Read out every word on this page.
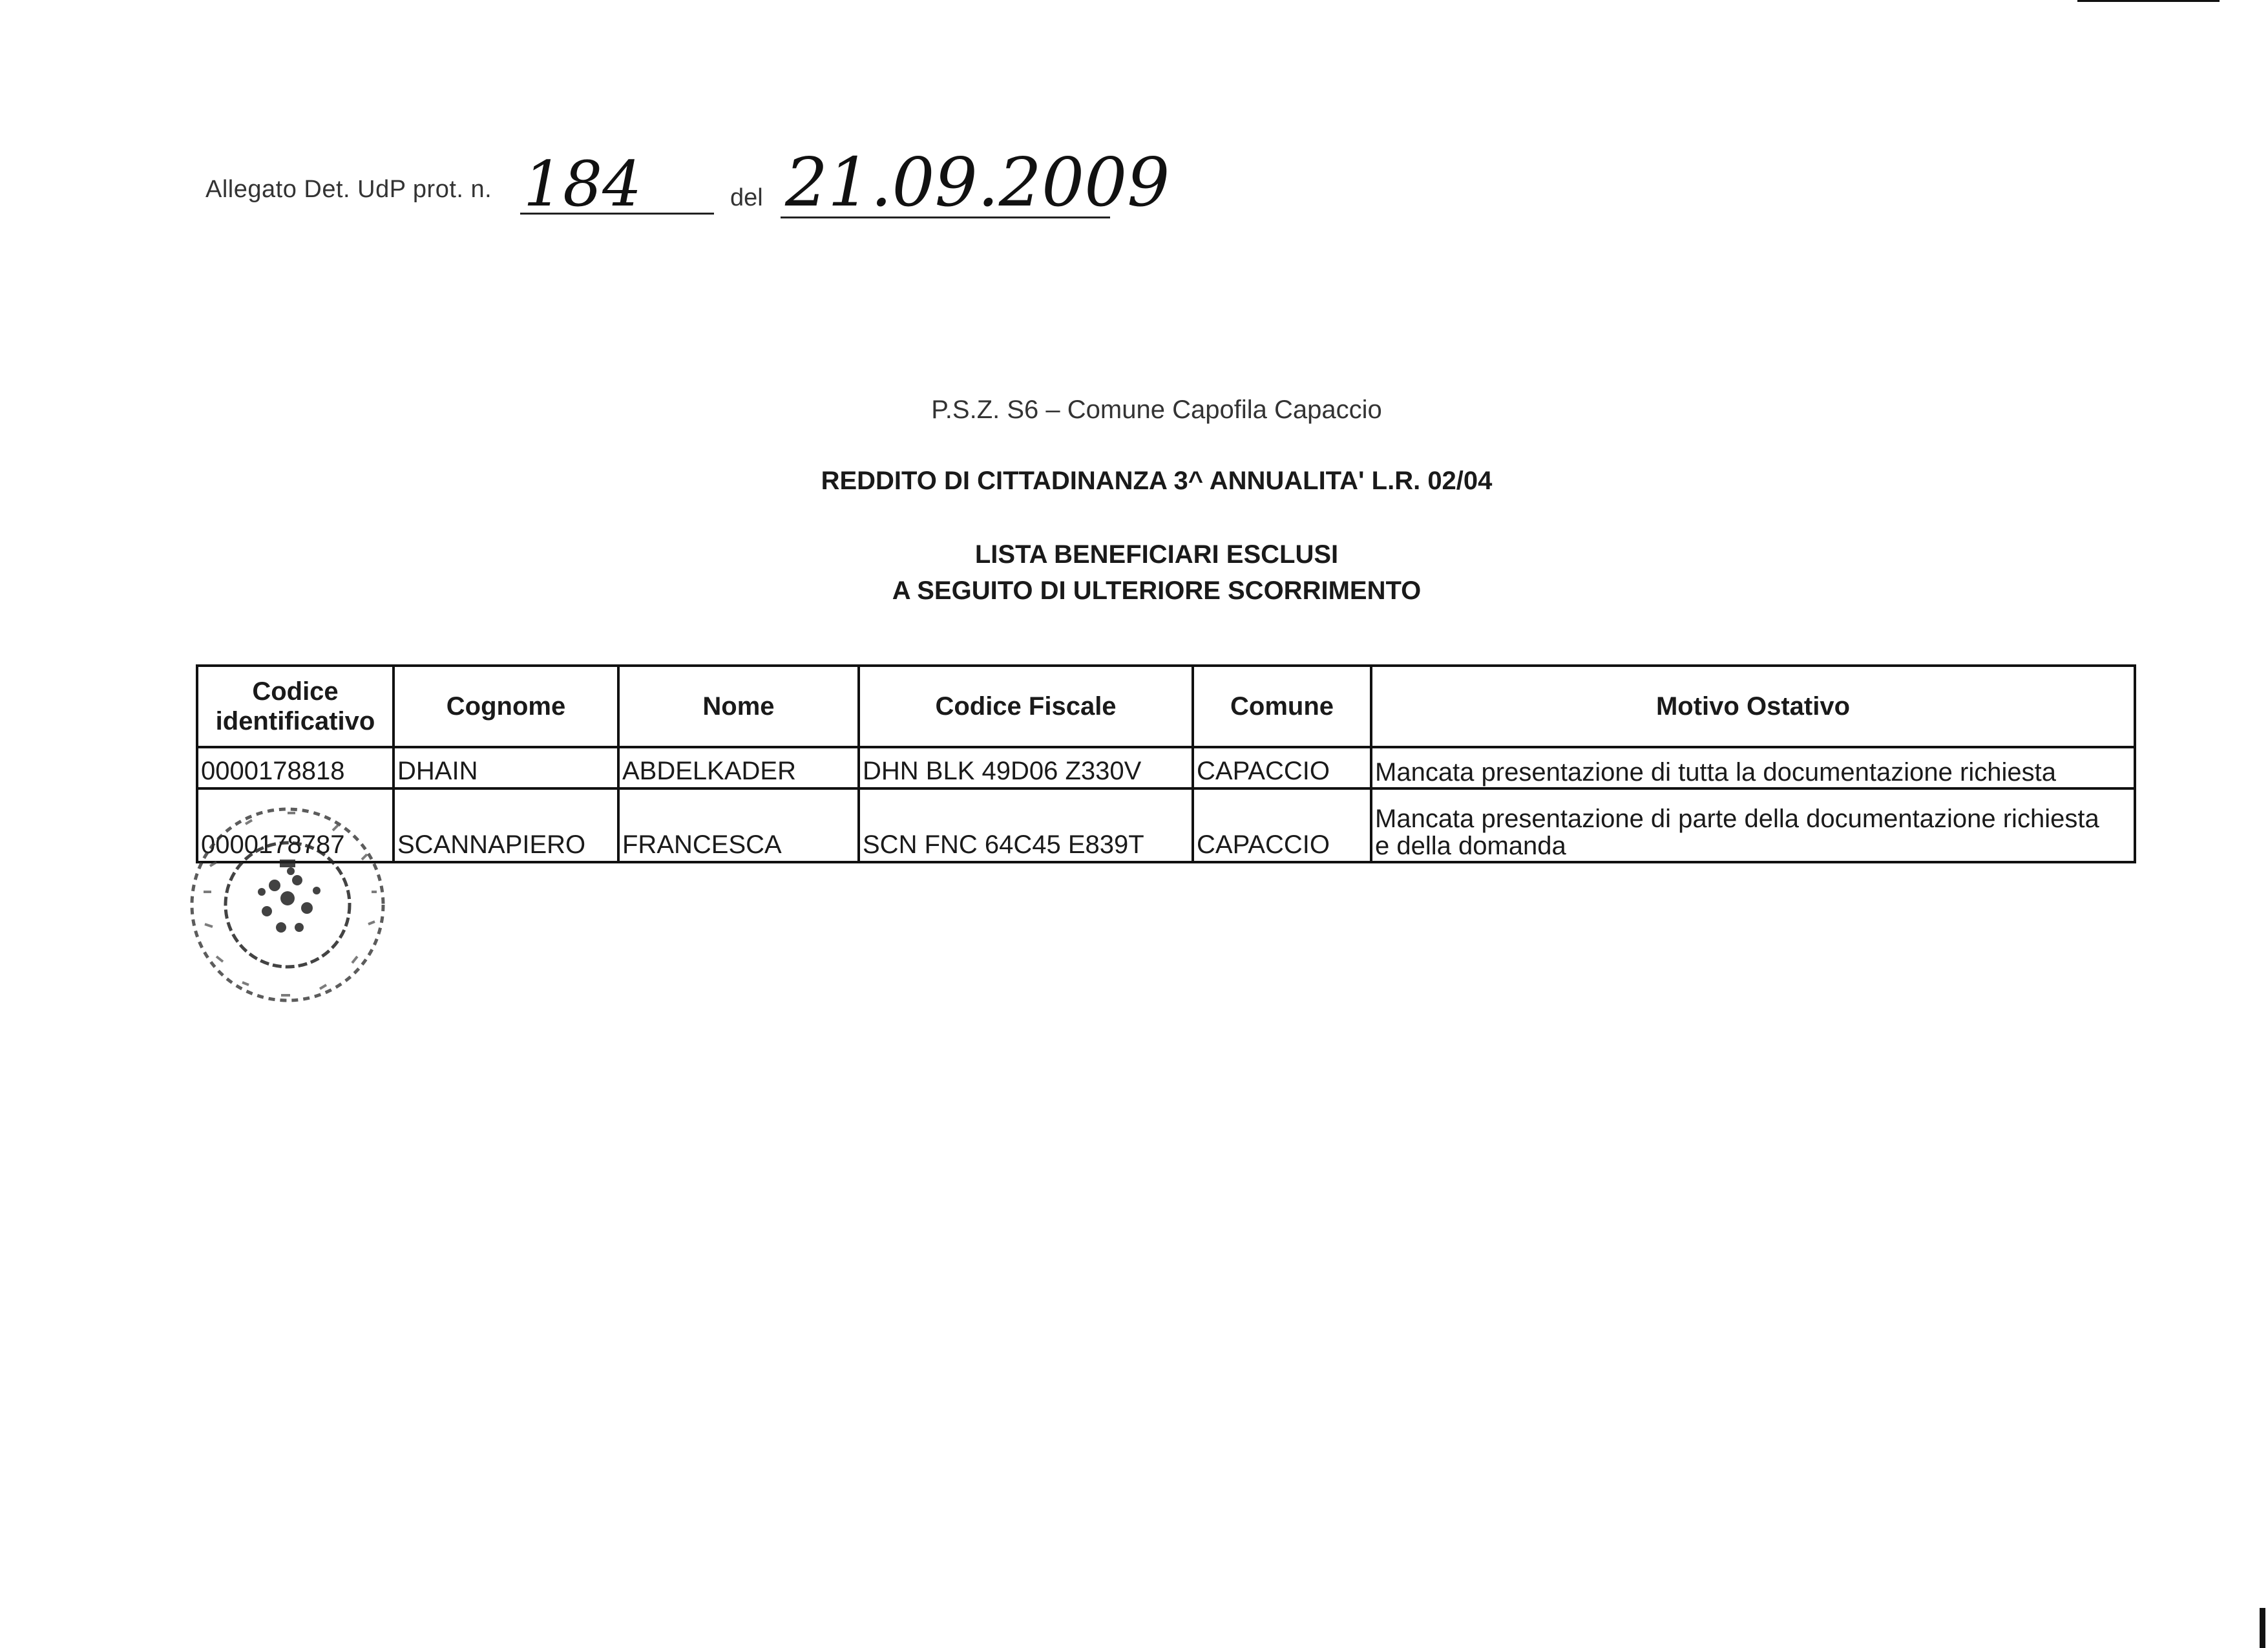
Allegato Det. UdP prot. n.	del
184 21.09.2009
P.S.Z. S6 – Comune Capofila Capaccio
REDDITO DI CITTADINANZA 3^ ANNUALITA' L.R. 02/04
LISTA BENEFICIARI ESCLUSI
A SEGUITO DI ULTERIORE SCORRIMENTO
Codice
identificativo	Cognome	Nome	Codice Fiscale	Comune	Motivo Ostativo
0000178818	DHAIN	ABDELKADER	DHN BLK 49D06 Z330V	CAPACCIO	Mancata presentazione di tutta la documentazione richiesta
0000178787	SCANNAPIERO	FRANCESCA	SCN FNC 64C45 E839T	CAPACCIO	Mancata presentazione di parte della documentazione richiesta
e della domanda
